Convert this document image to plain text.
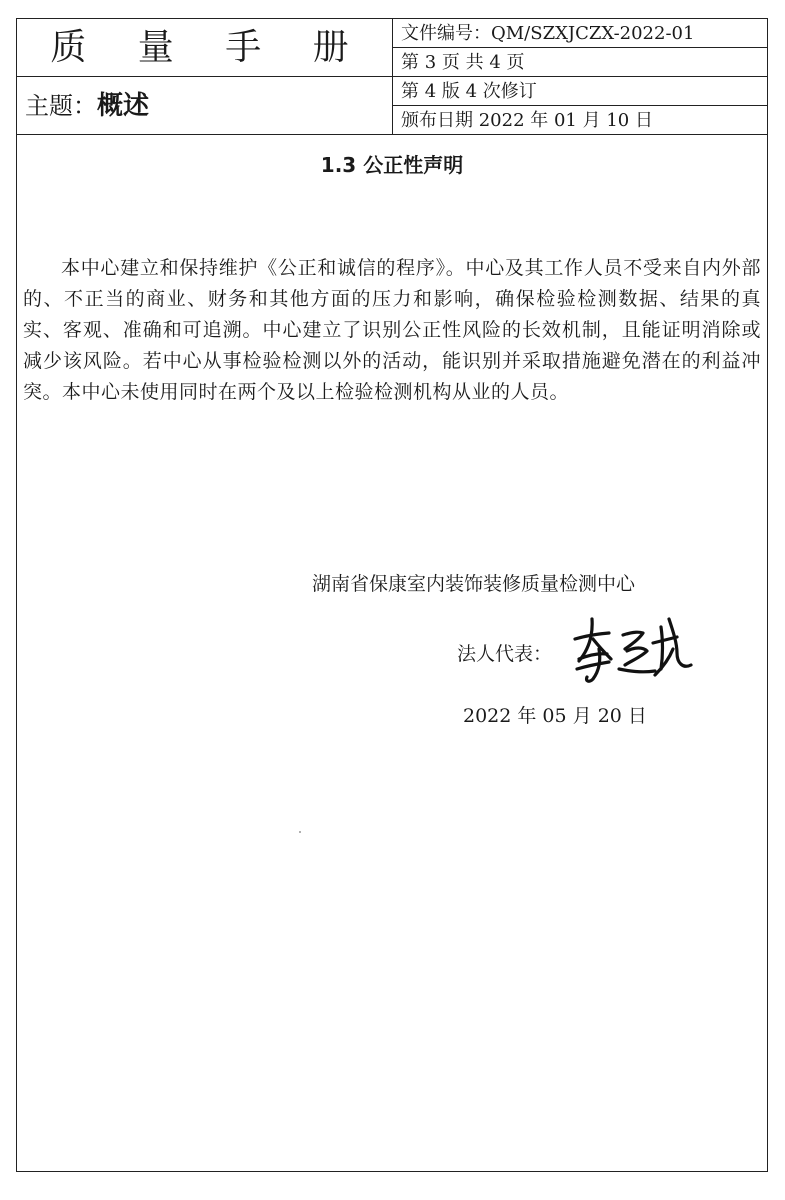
质 量 手 册
主题：概述
文件编号：QM/SZXJCZX-2022-01
第 3 页 共 4 页
第 4 版 4 次修订
颁布日期 2022 年 01 月 10 日
1.3 公正性声明
本中心建立和保持维护《公正和诚信的程序》。中心及其工作人员不受来自内外部的、不正当的商业、财务和其他方面的压力和影响，确保检验检测数据、结果的真实、客观、准确和可追溯。中心建立了识别公正性风险的长效机制，且能证明消除或减少该风险。若中心从事检验检测以外的活动，能识别并采取措施避免潜在的利益冲突。本中心未使用同时在两个及以上检验检测机构从业的人员。
湖南省保康室内装饰装修质量检测中心
法人代表：
2022 年 05 月 20 日
